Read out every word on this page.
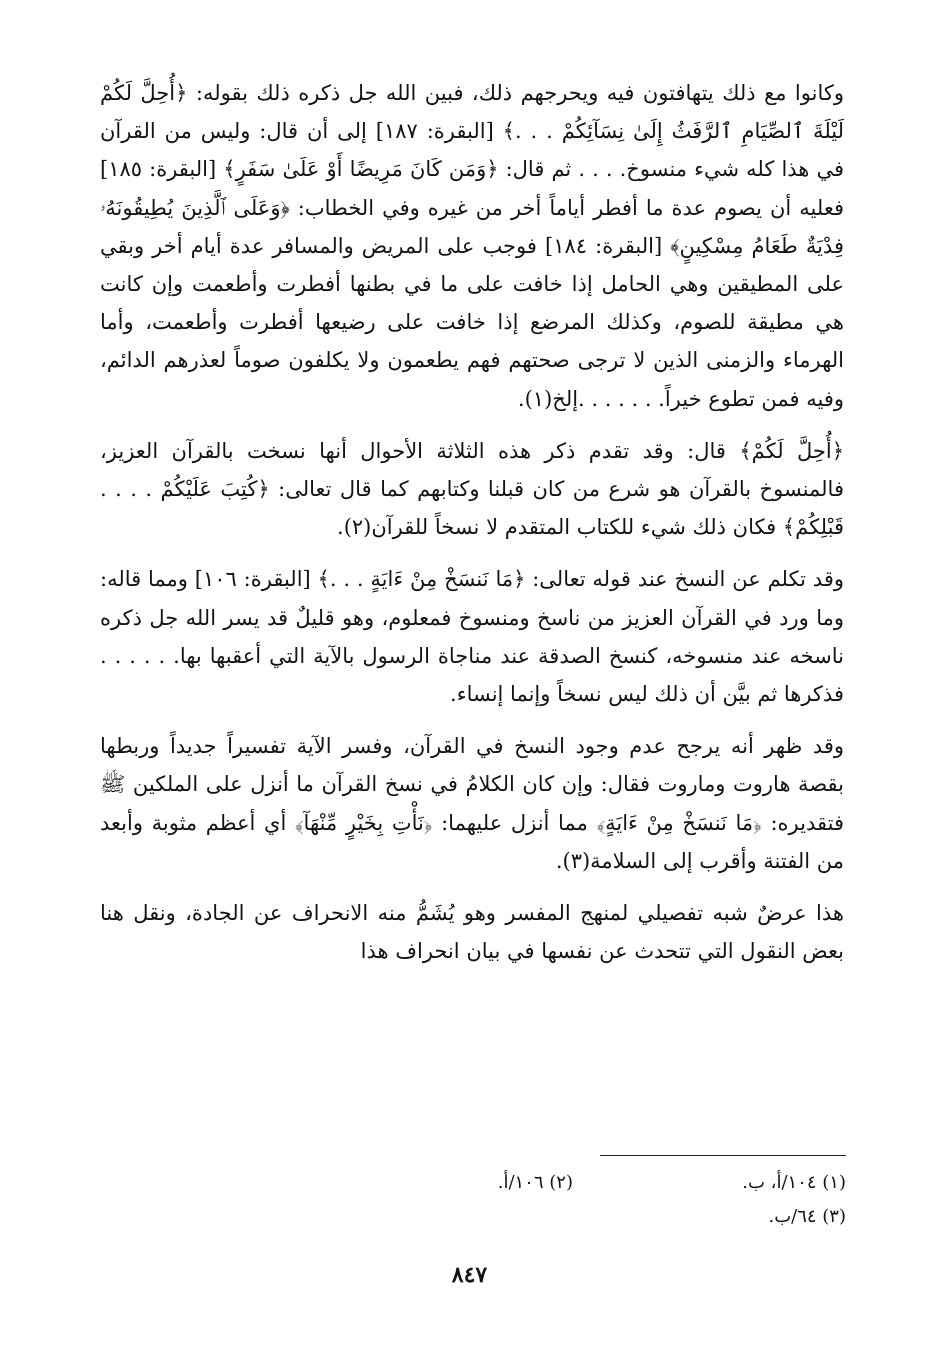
وكانوا مع ذلك يتهافتون فيه ويحرجهم ذلك، فبين الله جل ذكره ذلك بقوله: ﴿أُحِلَّ لَكُمْ لَيْلَةَ ٱلصِّيَامِ ٱلرَّفَثُ إِلَىٰ نِسَآئِكُمْ . . .﴾ [البقرة: ١٨٧] إلى أن قال: وليس من القرآن في هذا كله شيء منسوخ. . . . ثم قال: ﴿وَمَن كَانَ مَرِيضًا أَوْ عَلَىٰ سَفَرٍ﴾ [البقرة: ١٨٥] فعليه أن يصوم عدة ما أفطر أياماً أخر من غيره وفي الخطاب: ﴿وَعَلَى ٱلَّذِينَ يُطِيقُونَهُۥ فِدْيَةٌ طَعَامُ مِسْكِينٍ﴾ [البقرة: ١٨٤] فوجب على المريض والمسافر عدة أيام أخر وبقي على المطيقين وهي الحامل إذا خافت على ما في بطنها أفطرت وأطعمت وإن كانت هي مطيقة للصوم، وكذلك المرضع إذا خافت على رضيعها أفطرت وأطعمت، وأما الهرماء والزمنى الذين لا ترجى صحتهم فهم يطعمون ولا يكلفون صوماً لعذرهم الدائم، وفيه فمن تطوع خيراً. . . . . . .إلخ(١).

﴿أُحِلَّ لَكُمْ﴾ قال: وقد تقدم ذكر هذه الثلاثة الأحوال أنها نسخت بالقرآن العزيز، فالمنسوخ بالقرآن هو شرع من كان قبلنا وكتابهم كما قال تعالى: ﴿كُتِبَ عَلَيْكُمْ . . . . قَبْلِكُمْ﴾ فكان ذلك شيء للكتاب المتقدم لا نسخاً للقرآن(٢).

وقد تكلم عن النسخ عند قوله تعالى: ﴿مَا نَنسَخْ مِنْ ءَايَةٍ . . .﴾ [البقرة: ١٠٦] ومما قاله: وما ورد في القرآن العزيز من ناسخ ومنسوخ فمعلوم، وهو قليلٌ قد يسر الله جل ذكره ناسخه عند منسوخه، كنسخ الصدقة عند مناجاة الرسول بالآية التي أعقبها بها. . . . . . فذكرها ثم بيَّن أن ذلك ليس نسخاً وإنما إنساء.

وقد ظهر أنه يرجح عدم وجود النسخ في القرآن، وفسر الآية تفسيراً جديداً وربطها بقصة هاروت وماروت فقال: وإن كان الكلامُ في نسخ القرآن ما أنزل على الملكين ﷺ فتقديره: ﴿مَا نَنسَخْ مِنْ ءَايَةٍ﴾ مما أنزل عليهما: ﴿نَأْتِ بِخَيْرٍ مِّنْهَآ﴾ أي أعظم مثوبة وأبعد من الفتنة وأقرب إلى السلامة(٣).

هذا عرضٌ شبه تفصيلي لمنهج المفسر وهو يُشَمُّ منه الانحراف عن الجادة، ونقل هنا بعض النقول التي تتحدث عن نفسها في بيان انحراف هذا

(١) ١٠٤/أ، ب.
(٢) ١٠٦/أ.
(٣) ٦٤/ب.
٨٤٧
